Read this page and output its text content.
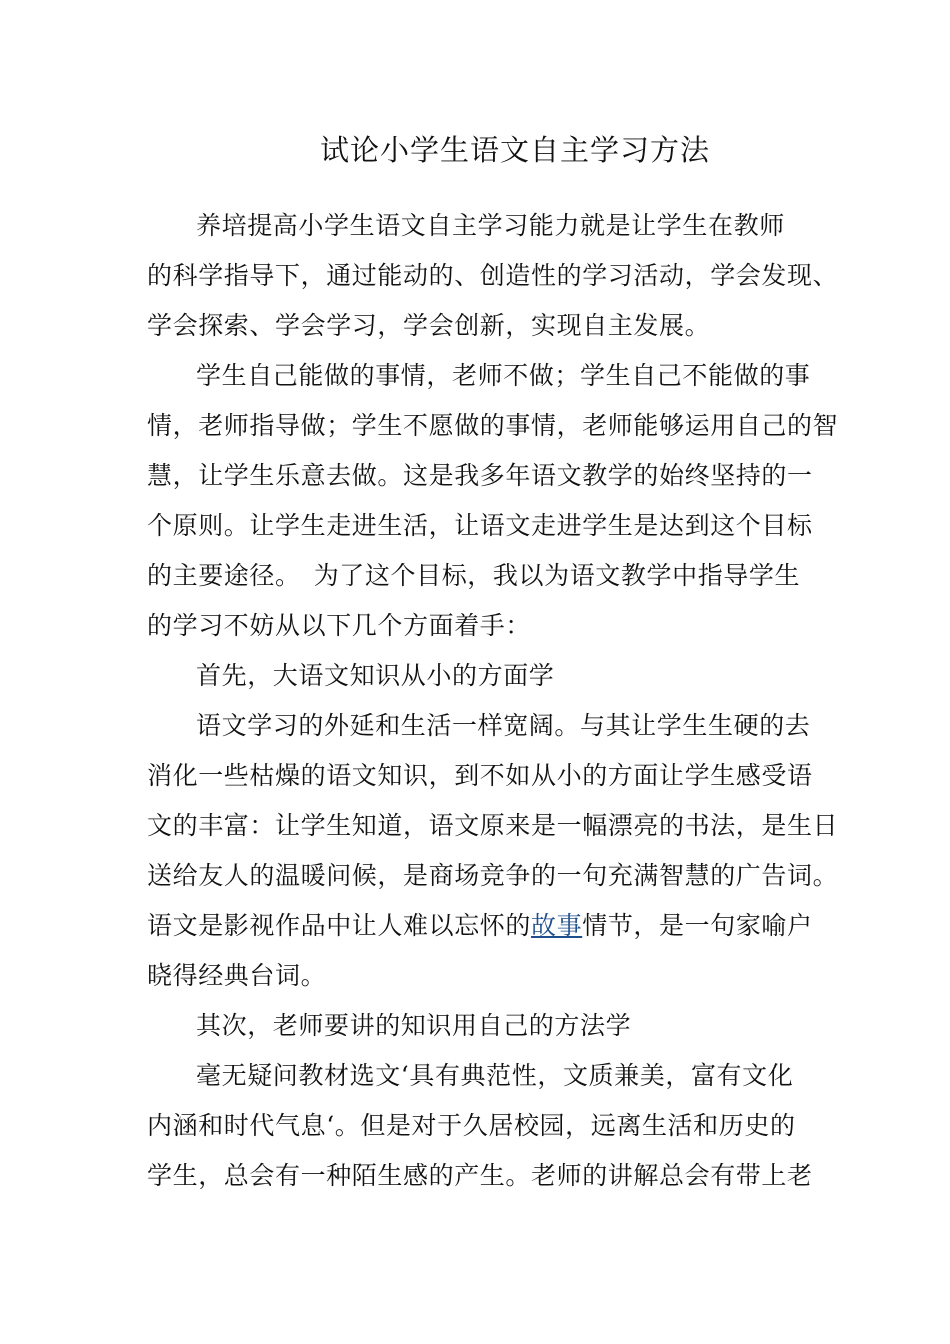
试论小学生语文自主学习方法
养培提高小学生语文自主学习能力就是让学生在教师
的科学指导下，通过能动的、创造性的学习活动，学会发现、
学会探索、学会学习，学会创新，实现自主发展。
学生自己能做的事情，老师不做；学生自己不能做的事
情，老师指导做；学生不愿做的事情，老师能够运用自己的智
慧，让学生乐意去做。这是我多年语文教学的始终坚持的一
个原则。让学生走进生活，让语文走进学生是达到这个目标
的主要途径。　为了这个目标，我以为语文教学中指导学生
的学习不妨从以下几个方面着手：
首先，大语文知识从小的方面学
语文学习的外延和生活一样宽阔。与其让学生生硬的去
消化一些枯燥的语文知识，到不如从小的方面让学生感受语
文的丰富：让学生知道，语文原来是一幅漂亮的书法，是生日
送给友人的温暖问候，是商场竞争的一句充满智慧的广告词。
语文是影视作品中让人难以忘怀的故事情节，是一句家喻户
晓得经典台词。
其次，老师要讲的知识用自己的方法学
毫无疑问教材选文‘具有典范性，文质兼美，富有文化
内涵和时代气息‘。但是对于久居校园，远离生活和历史的
学生，总会有一种陌生感的产生。老师的讲解总会有带上老
